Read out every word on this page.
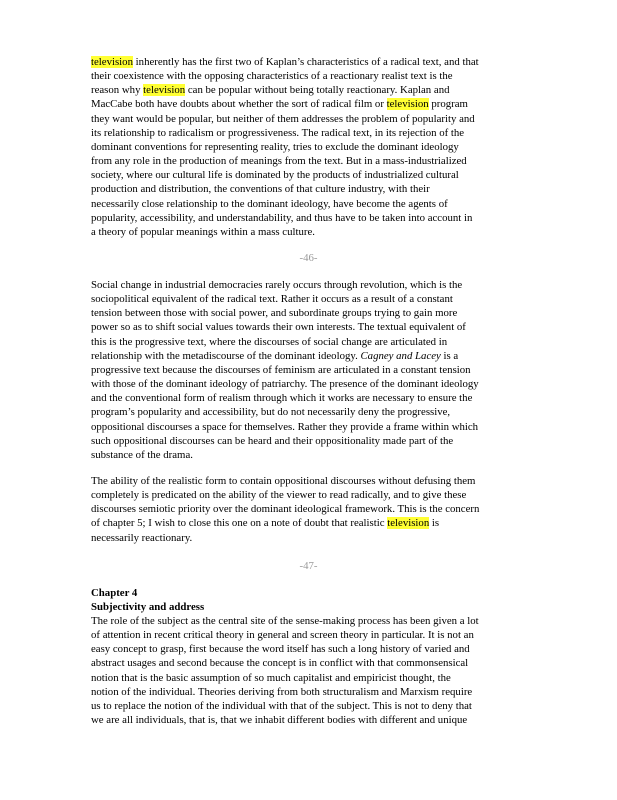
television inherently has the first two of Kaplan’s characteristics of a radical text, and that
their coexistence with the opposing characteristics of a reactionary realist text is the
reason why television can be popular without being totally reactionary. Kaplan and
MacCabe both have doubts about whether the sort of radical film or television program
they want would be popular, but neither of them addresses the problem of popularity and
its relationship to radicalism or progressiveness. The radical text, in its rejection of the
dominant conventions for representing reality, tries to exclude the dominant ideology
from any role in the production of meanings from the text. But in a mass-industrialized
society, where our cultural life is dominated by the products of industrialized cultural
production and distribution, the conventions of that culture industry, with their
necessarily close relationship to the dominant ideology, have become the agents of
popularity, accessibility, and understandability, and thus have to be taken into account in
a theory of popular meanings within a mass culture.
-46-
Social change in industrial democracies rarely occurs through revolution, which is the
sociopolitical equivalent of the radical text. Rather it occurs as a result of a constant
tension between those with social power, and subordinate groups trying to gain more
power so as to shift social values towards their own interests. The textual equivalent of
this is the progressive text, where the discourses of social change are articulated in
relationship with the metadiscourse of the dominant ideology. Cagney and Lacey is a
progressive text because the discourses of feminism are articulated in a constant tension
with those of the dominant ideology of patriarchy. The presence of the dominant ideology
and the conventional form of realism through which it works are necessary to ensure the
program’s popularity and accessibility, but do not necessarily deny the progressive,
oppositional discourses a space for themselves. Rather they provide a frame within which
such oppositional discourses can be heard and their oppositionality made part of the
substance of the drama.
The ability of the realistic form to contain oppositional discourses without defusing them
completely is predicated on the ability of the viewer to read radically, and to give these
discourses semiotic priority over the dominant ideological framework. This is the concern
of chapter 5; I wish to close this one on a note of doubt that realistic television is
necessarily reactionary.
-47-
Chapter 4
Subjectivity and address
The role of the subject as the central site of the sense-making process has been given a lot
of attention in recent critical theory in general and screen theory in particular. It is not an
easy concept to grasp, first because the word itself has such a long history of varied and
abstract usages and second because the concept is in conflict with that commonsensical
notion that is the basic assumption of so much capitalist and empiricist thought, the
notion of the individual. Theories deriving from both structuralism and Marxism require
us to replace the notion of the individual with that of the subject. This is not to deny that
we are all individuals, that is, that we inhabit different bodies with different and unique
